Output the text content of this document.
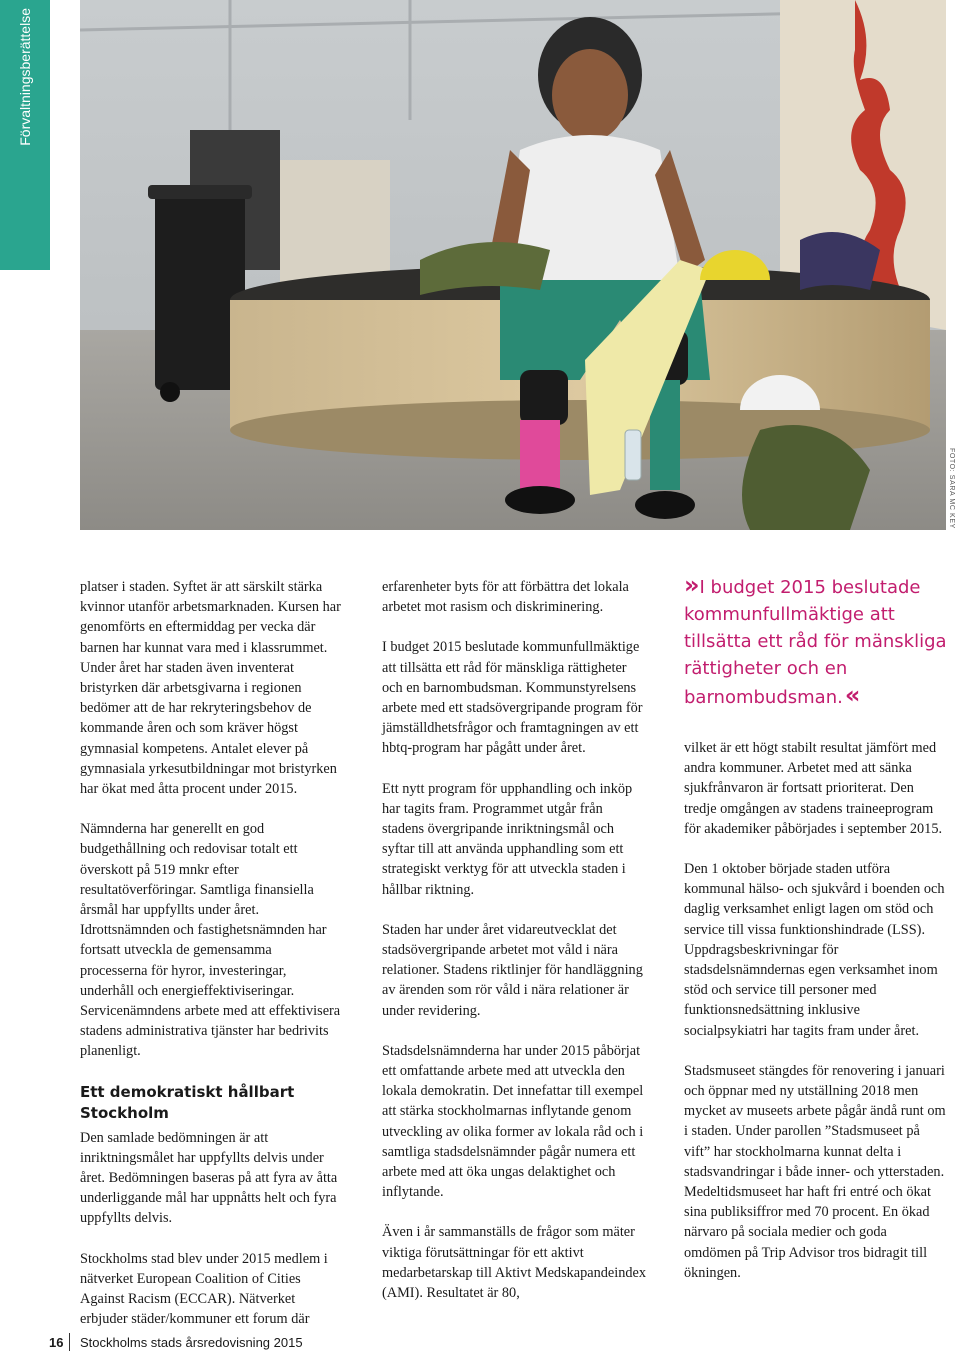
Förvaltningsberättelse
FOTO: SARA MC KEY

platser i staden. Syftet är att särskilt stärka kvinnor utanför arbetsmarknaden. Kursen har genomförts en eftermiddag per vecka där barnen har kunnat vara med i klassrummet. Under året har staden även inventerat bristyrken där arbetsgivarna i regionen bedömer att de har rekryteringsbehov de kommande åren och som kräver högst gymnasial kompetens. Antalet elever på gymnasiala yrkesutbildningar mot bristyrken har ökat med åtta procent under 2015.

Nämnderna har generellt en god budgethållning och redovisar totalt ett överskott på 519 mnkr efter resultatöverföringar. Samtliga finansiella årsmål har uppfyllts under året. Idrottsnämnden och fastighetsnämnden har fortsatt utveckla de gemensamma processerna för hyror, investeringar, underhåll och energieffektiviseringar. Servicenämndens arbete med att effektivisera stadens administrativa tjänster har bedrivits planenligt.

Ett demokratiskt hållbart Stockholm

Den samlade bedömningen är att inriktningsmålet har uppfyllts delvis under året. Bedömningen baseras på att fyra av åtta underliggande mål har uppnåtts helt och fyra uppfyllts delvis.

Stockholms stad blev under 2015 medlem i nätverket European Coalition of Cities Against Racism (ECCAR). Nätverket erbjuder städer/kommuner ett forum där

erfarenheter byts för att förbättra det lokala arbetet mot rasism och diskriminering.

I budget 2015 beslutade kommunfullmäktige att tillsätta ett råd för mänskliga rättigheter och en barnombudsman. Kommunstyrelsens arbete med ett stadsövergripande program för jämställdhetsfrågor och framtagningen av ett hbtq-program har pågått under året.

Ett nytt program för upphandling och inköp har tagits fram. Programmet utgår från stadens övergripande inriktningsmål och syftar till att använda upphandling som ett strategiskt verktyg för att utveckla staden i hållbar riktning.

Staden har under året vidareutvecklat det stadsövergripande arbetet mot våld i nära relationer. Stadens riktlinjer för handläggning av ärenden som rör våld i nära relationer är under revidering.

Stadsdelsnämnderna har under 2015 påbörjat ett omfattande arbete med att utveckla den lokala demokratin. Det innefattar till exempel att stärka stockholmarnas inflytande genom utveckling av olika former av lokala råd och i samtliga stadsdelsnämnder pågår numera ett arbete med att öka ungas delaktighet och inflytande.

Även i år sammanställs de frågor som mäter viktiga förutsättningar för ett aktivt medarbetarskap till Aktivt Medskapandeindex (AMI). Resultatet är 80,

» I budget 2015 beslutade kommunfullmäktige att tillsätta ett råd för mänskliga rättigheter och en barnombudsman.«

vilket är ett högt stabilt resultat jämfört med andra kommuner. Arbetet med att sänka sjukfrånvaron är fortsatt prioriterat. Den tredje omgången av stadens traineeprogram för akademiker påbörjades i september 2015.

Den 1 oktober började staden utföra kommunal hälso- och sjukvård i boenden och daglig verksamhet enligt lagen om stöd och service till vissa funktionshindrade (LSS). Uppdragsbeskrivningar för stadsdelsnämndernas egen verksamhet inom stöd och service till personer med funktionsnedsättning inklusive socialpsykiatri har tagits fram under året.

Stadsmuseet stängdes för renovering i januari och öppnar med ny utställning 2018 men mycket av museets arbete pågår ändå runt om i staden. Under parollen ”Stadsmuseet på vift” har stockholmarna kunnat delta i stadsvandringar i både inner- och ytterstaden. Medeltidsmuseet har haft fri entré och ökat sina publiksiffror med 70 procent. En ökad närvaro på sociala medier och goda omdömen på Trip Advisor tros bidragit till ökningen.

16 Stockholms stads årsredovisning 2015
